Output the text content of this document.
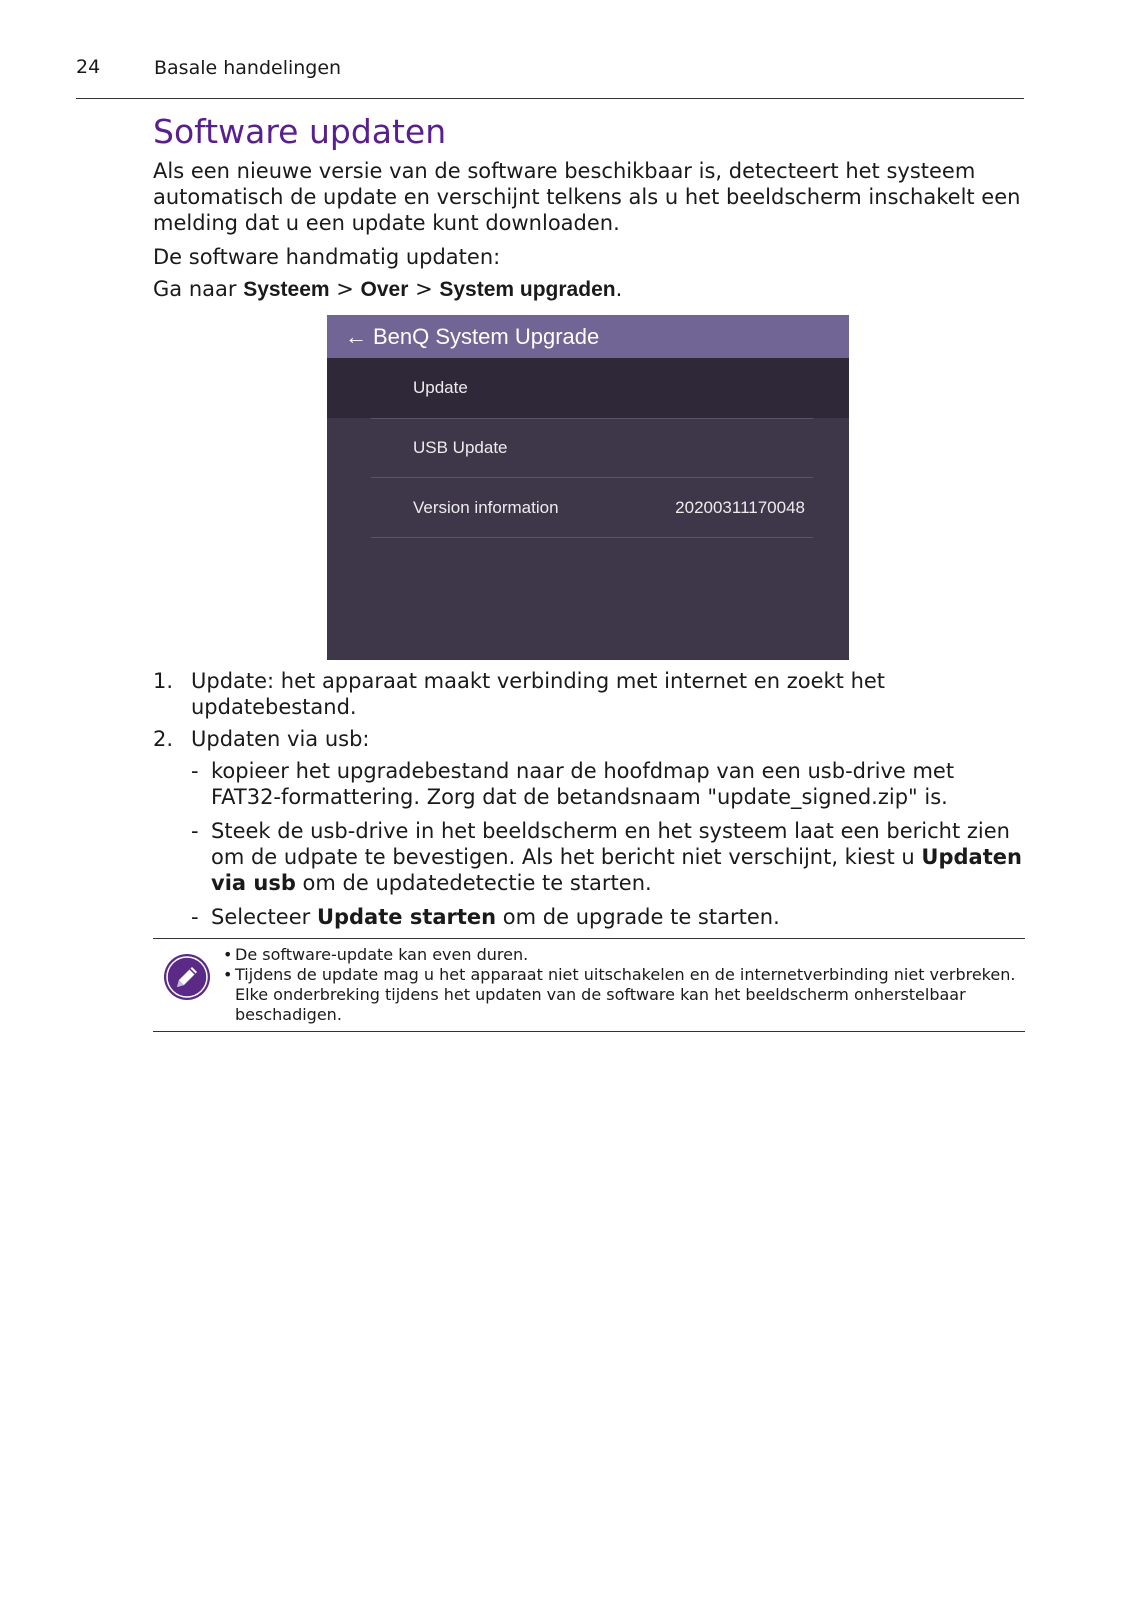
24	Basale handelingen
Software updaten

Als een nieuwe versie van de software beschikbaar is, detecteert het systeem automatisch de update en verschijnt telkens als u het beeldscherm inschakelt een melding dat u een update kunt downloaden.

De software handmatig updaten:

Ga naar Systeem > Over > System upgraden.

← BenQ System Upgrade
Update
USB Update
Version information	20200311170048
1. Update: het apparaat maakt verbinding met internet en zoekt het updatebestand.
2. Updaten via usb:
- kopieer het upgradebestand naar de hoofdmap van een usb-drive met FAT32-formattering. Zorg dat de betandsnaam "update_signed.zip" is.
- Steek de usb-drive in het beeldscherm en het systeem laat een bericht zien om de udpate te bevestigen. Als het bericht niet verschijnt, kiest u Updaten via usb om de updatedetectie te starten.
- Selecteer Update starten om de upgrade te starten.
• De software-update kan even duren.
• Tijdens de update mag u het apparaat niet uitschakelen en de internetverbinding niet verbreken. Elke onderbreking tijdens het updaten van de software kan het beeldscherm onherstelbaar beschadigen.
